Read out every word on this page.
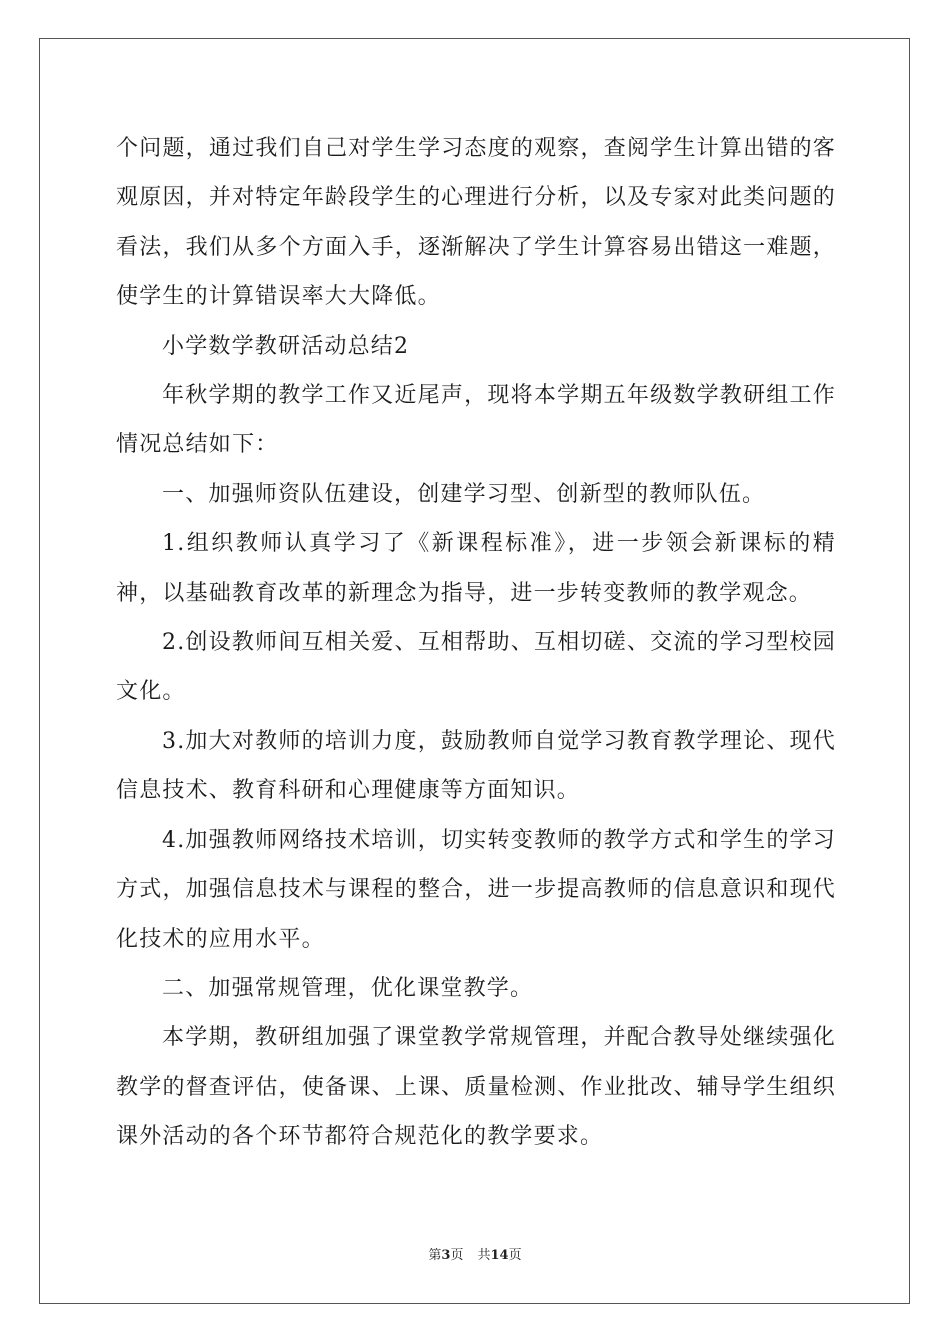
个问题，通过我们自己对学生学习态度的观察，查阅学生计算出错的客观原因，并对特定年龄段学生的心理进行分析，以及专家对此类问题的看法，我们从多个方面入手，逐渐解决了学生计算容易出错这一难题，使学生的计算错误率大大降低。

小学数学教研活动总结2

年秋学期的教学工作又近尾声，现将本学期五年级数学教研组工作情况总结如下：

一、加强师资队伍建设，创建学习型、创新型的教师队伍。

1.组织教师认真学习了《新课程标准》，进一步领会新课标的精神，以基础教育改革的新理念为指导，进一步转变教师的教学观念。

2.创设教师间互相关爱、互相帮助、互相切磋、交流的学习型校园文化。

3.加大对教师的培训力度，鼓励教师自觉学习教育教学理论、现代信息技术、教育科研和心理健康等方面知识。

4.加强教师网络技术培训，切实转变教师的教学方式和学生的学习方式，加强信息技术与课程的整合，进一步提高教师的信息意识和现代化技术的应用水平。

二、加强常规管理，优化课堂教学。

本学期，教研组加强了课堂教学常规管理，并配合教导处继续强化教学的督查评估，使备课、上课、质量检测、作业批改、辅导学生组织课外活动的各个环节都符合规范化的教学要求。

第3页 共14页
